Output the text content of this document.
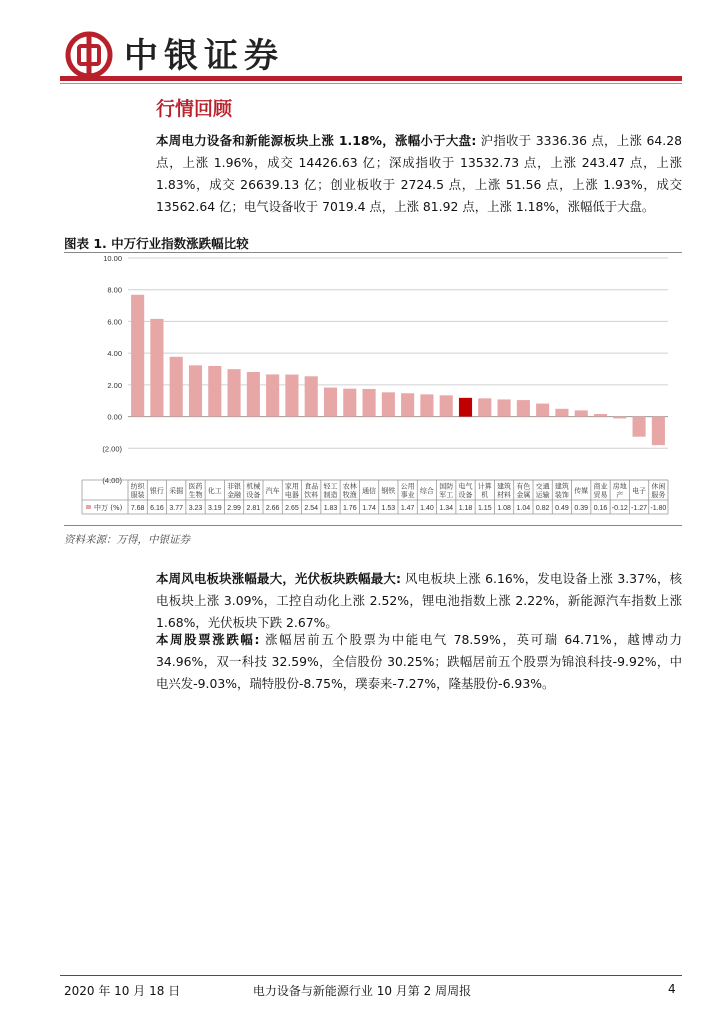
中银证券
行情回顾
本周电力设备和新能源板块上涨 1.18%，涨幅小于大盘: 沪指收于 3336.36 点，上涨 64.28 点，上涨 1.96%，成交 14426.63 亿；深成指收于 13532.73 点，上涨 243.47 点，上涨 1.83%，成交 26639.13 亿；创业板收于 2724.5 点，上涨 51.56 点，上涨 1.93%，成交 13562.64 亿；电气设备收于 7019.4 点，上涨 81.92 点，上涨 1.18%，涨幅低于大盘。
图表 1. 中万行业指数涨跌幅比较
10.00
8.00
6.00
4.00
2.00
0.00
(2.00)
(4.00)
中万 (%)
纺织服装
7.68
银行
6.16
采掘
3.77
医药生物
3.23
化工
3.19
非银金融
2.99
机械设备
2.81
汽车
2.66
家用电器
2.65
食品饮料
2.54
轻工制造
1.83
农林牧渔
1.76
通信
1.74
钢铁
1.53
公用事业
1.47
综合
1.40
国防军工
1.34
电气设备
1.18
计算机
1.15
建筑材料
1.08
有色金属
1.04
交通运输
0.82
建筑装饰
0.49
传媒
0.39
商业贸易
0.16
房地产
-0.12
电子
-1.27
休闲服务
-1.80
资料来源：万得，中银证券
本周风电板块涨幅最大，光伏板块跌幅最大: 风电板块上涨 6.16%，发电设备上涨 3.37%，核电板块上涨 3.09%，工控自动化上涨 2.52%，锂电池指数上涨 2.22%，新能源汽车指数上涨 1.68%，光伏板块下跌 2.67%。
本周股票涨跌幅: 涨幅居前五个股票为中能电气 78.59%，英可瑞 64.71%，越博动力 34.96%，双一科技 32.59%，全信股份 30.25%；跌幅居前五个股票为锦浪科技-9.92%，中电兴发-9.03%，瑞特股份-8.75%，璞泰来-7.27%，隆基股份-6.93%。
2020 年 10 月 18 日	电力设备与新能源行业 10 月第 2 周周报	4
